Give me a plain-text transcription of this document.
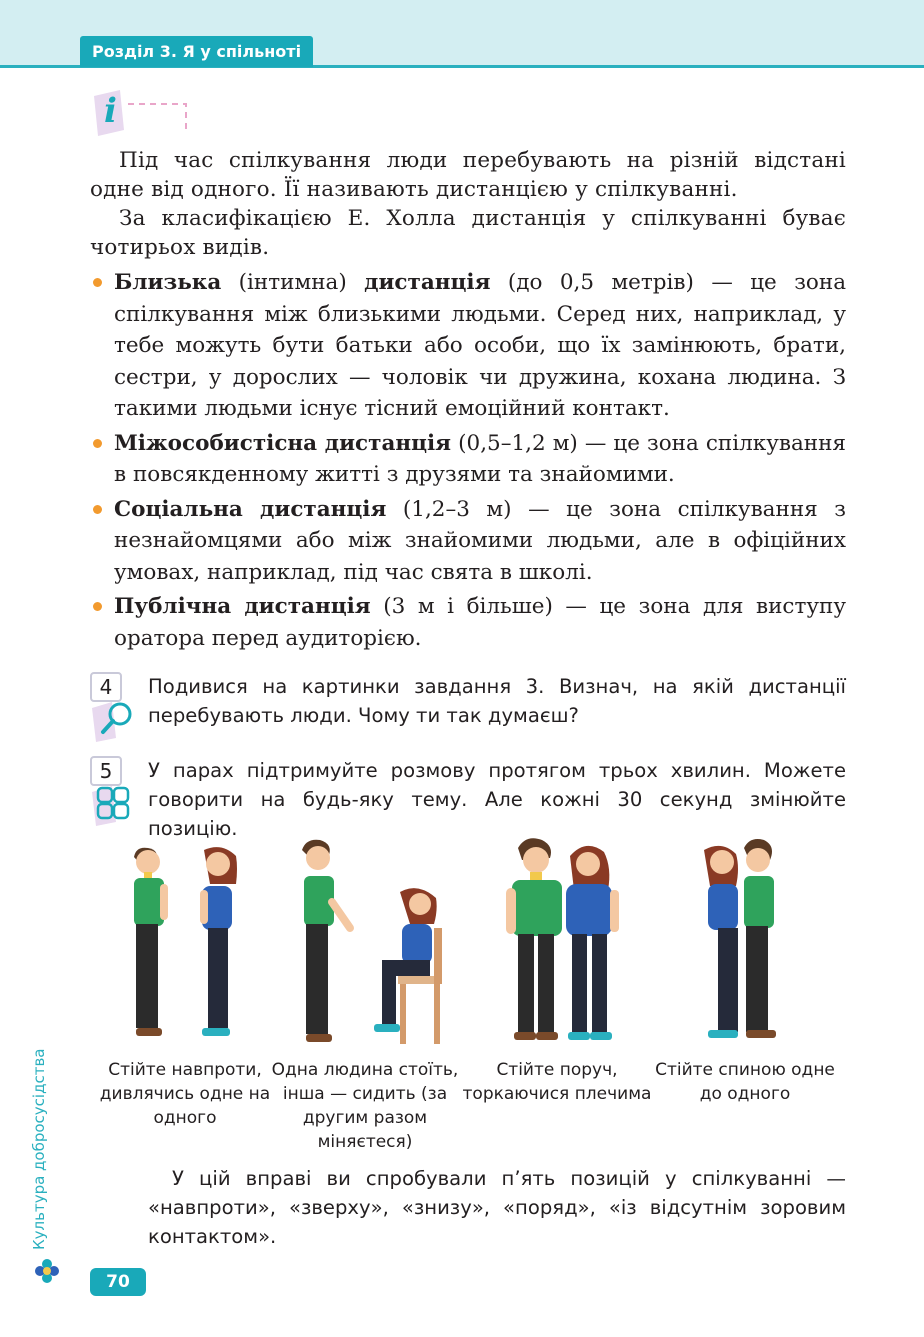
Розділ 3. Я у спільноті
i

Під час спілкування люди перебувають на різній відстані одне від одного. Її називають дистанцією у спілкуванні.

За класифікацією Е. Холла дистанція у спілкуванні буває чотирьох видів.

Близька (інтимна) дистанція (до 0,5 метрів) — це зона спілкування між близькими людьми. Серед них, наприклад, у тебе можуть бути батьки або особи, що їх замінюють, брати, сестри, у дорослих — чоловік чи дружина, кохана людина. З такими людьми існує тісний емоційний контакт.
Міжособистісна дистанція (0,5–1,2 м) — це зона спілкування в повсякденному житті з друзями та знайомими.
Соціальна дистанція (1,2–3 м) — це зона спілкування з незнайомцями або між знайомими людьми, але в офіційних умовах, наприклад, під час свята в школі.
Публічна дистанція (3 м і більше) — це зона для виступу оратора перед аудиторією.
4	Подивися на картинки завдання 3. Визнач, на якій дистанції перебувають люди. Чому ти так думаєш?

5	У парах підтримуйте розмову протягом трьох хвилин. Можете говорити на будь-яку тему. Але кожні 30 секунд змінюйте позицію.

Стійте навпроти, дивлячись одне на одного

Одна людина стоїть, інша — сидить (за другим разом міняєтеся)

Стійте поруч, торкаючися плечима

Стійте спиною одне до одного

У цій вправі ви спробували п’ять позицій у спілкуванні — «навпроти», «зверху», «знизу», «поряд», «із відсутнім зоровим контактом».

Культура добросусідства
70
